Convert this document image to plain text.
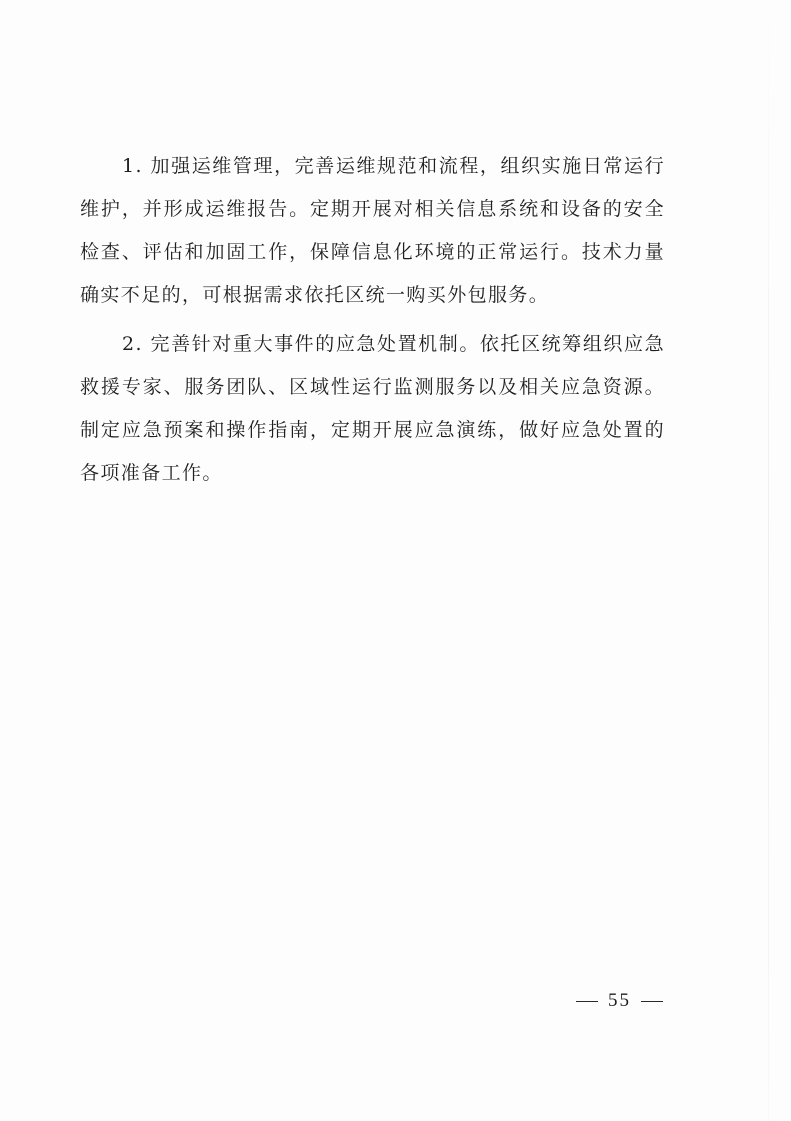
1. 加强运维管理，完善运维规范和流程，组织实施日常运行维护，并形成运维报告。定期开展对相关信息系统和设备的安全检查、评估和加固工作，保障信息化环境的正常运行。技术力量确实不足的，可根据需求依托区统一购买外包服务。

2. 完善针对重大事件的应急处置机制。依托区统筹组织应急救援专家、服务团队、区域性运行监测服务以及相关应急资源。制定应急预案和操作指南，定期开展应急演练，做好应急处置的各项准备工作。

55
